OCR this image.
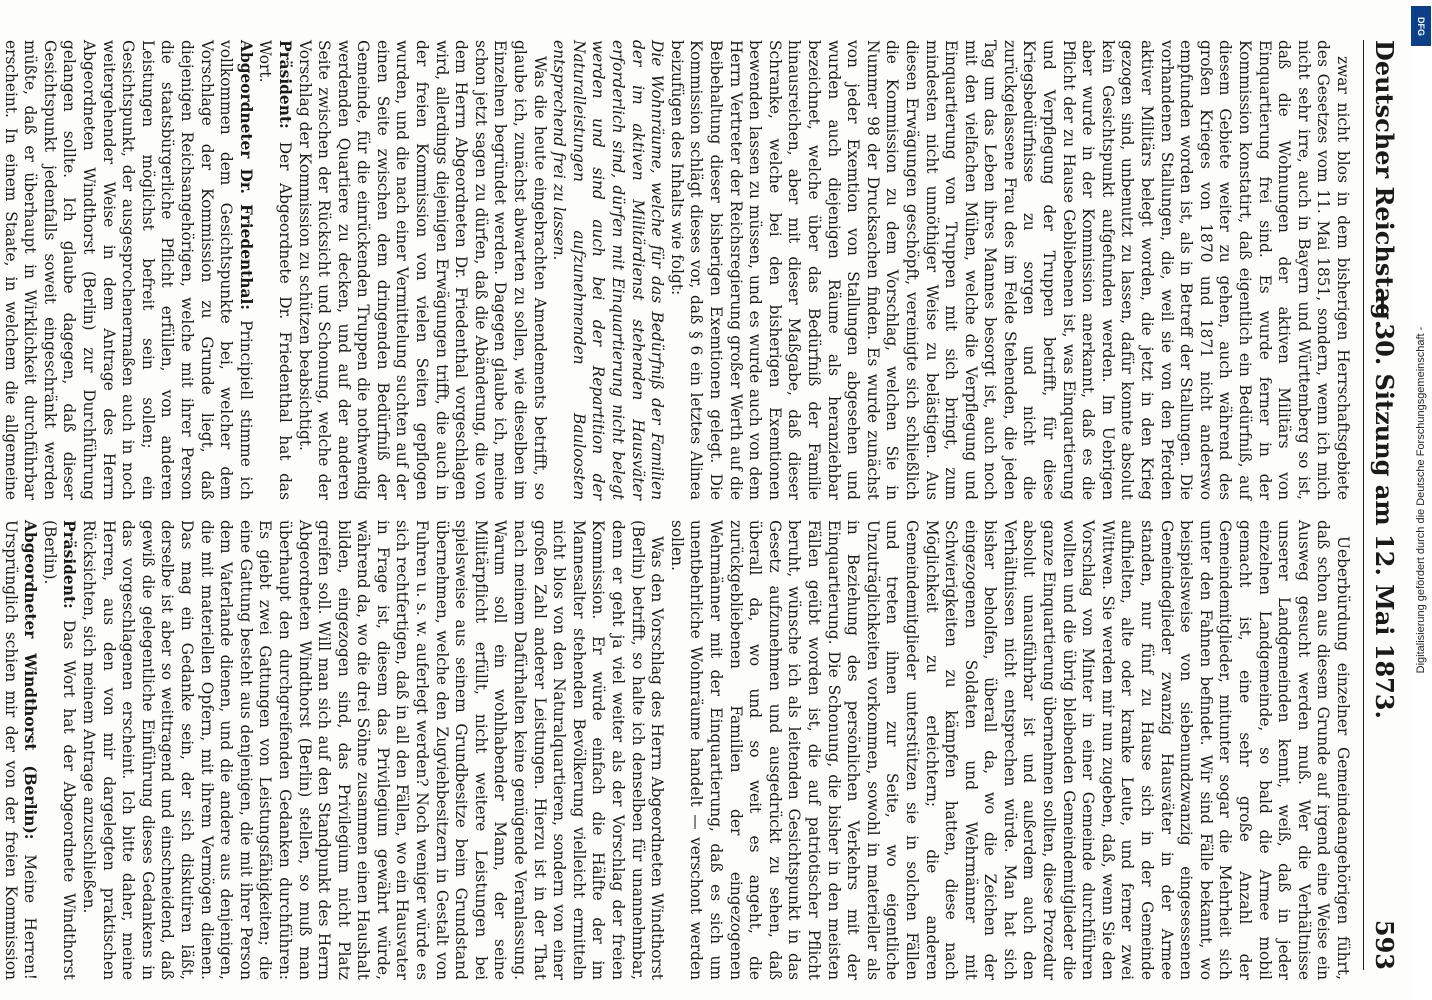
Deutscher Reichstag.
— 30. Sitzung am 12. Mai 1873.
593

zwar nicht blos in dem bisherigen Herrschaftsgebiete des Gesetzes vom 11. Mai 1851, sondern, wenn ich mich nicht sehr irre, auch in Bayern und Württemberg so ist, daß die Wohnungen der aktiven Militärs von Einquartierung frei sind. Es wurde ferner in der Kommission konstatirt, daß eigentlich ein Bedürfniß, auf diesem Gebiete weiter zu gehen, auch während des großen Krieges von 1870 und 1871 nicht anderswo empfunden worden ist, als in Betreff der Stallungen. Die vorhandenen Stallungen, die, weil sie von den Pferden aktiver Militärs belegt worden, die jetzt in den Krieg gezogen sind, unbenutzt zu lassen, dafür konnte absolut kein Gesichtspunkt aufgefunden werden. Im Uebrigen aber wurde in der Kommission anerkannt, daß es die Pflicht der zu Hause Gebliebenen ist, was Einquartierung und Verpflegung der Truppen betrifft, für diese Kriegsbedürfnisse zu sorgen und nicht die zurückgelassene Frau des im Felde Stehenden, die jeden Tag um das Leben ihres Mannes besorgt ist, auch noch mit den vielfachen Mühen, welche die Verpflegung und Einquartierung von Truppen mit sich bringt, zum mindesten nicht unnöthiger Weise zu belästigen. Aus diesen Erwägungen geschöpft, vereinigte sich schließlich die Kommission zu dem Vorschlag, welchen Sie in Nummer 98 der Drucksachen finden. Es wurde zunächst von jeder Exemtion von Stallungen abgesehen und wurden auch diejenigen Räume als heranziehbar bezeichnet, welche über das Bedürfniß der Familie hinausreichen, aber mit dieser Maßgabe, daß dieser Schranke, welche bei den bisherigen Exemtionen bewenden lassen zu müssen, und es wurde auch von dem Herrn Vertreter der Reichsregierung großer Werth auf die Beibehaltung dieser bisherigen Exemtionen gelegt. Die Kommission schlägt dieses vor, daß § 6 ein letztes Alinea beizufügen des Inhalts wie folgt:

Die Wohnräume, welche für das Bedürfniß der Familien der im aktiven Militärdienst stehenden Hausväter erforderlich sind, dürfen mit Einquartierung nicht belegt werden und sind auch bei der Repartition der Naturalleistungen aufzunehmenden Bauloosten entsprechend frei zu lassen.

Was die heute eingebrachten Amendements betrifft, so glaube ich, zunächst abwarten zu sollen, wie dieselben im Einzelnen begründet werden. Dagegen glaube ich, meine schon jetzt sagen zu dürfen, daß die Abänderung, die von dem Herrn Abgeordneten Dr. Friedenthal vorgeschlagen wird, allerdings diejenigen Erwägungen trifft, die auch in der freien Kommission von vielen Seiten gepflogen wurden, und die nach einer Vermittelung suchten auf der einen Seite zwischen dem dringenden Bedürfniß der Gemeinde, für die einrückenden Truppen die nothwendig werdenden Quartiere zu decken, und auf der anderen Seite zwischen der Rücksicht und Schonung, welche der Vorschlag der Kommission zu schützen beabsichtigt.

Präsident: Der Abgeordnete Dr. Friedenthal hat das Wort.

Abgeordneter Dr. Friedenthal: Principiell stimme ich vollkommen dem Gesichtspunkte bei, welcher dem Vorschlage der Kommission zu Grunde liegt, daß diejenigen Reichsangehörigen, welche mit ihrer Person die staatsbürgerliche Pflicht erfüllen, von anderen Leistungen möglichst befreit sein sollen; ein Gesichtspunkt, der ausgesprochenermaßen auch in noch weitergehender Weise in dem Antrage des Herrn Abgeordneten Windthorst (Berlin) zur Durchführung gelangen sollte. Ich glaube dagegen, daß dieser Gesichtspunkt jedenfalls soweit eingeschränkt werden müßte, daß er überhaupt in Wirklichkeit durchführbar erscheint. In einem Staate, in welchem die allgemeine

Ueberbürdung einzelner Gemeindeangehörigen führt, daß schon aus diesem Grunde auf irgend eine Weise ein Ausweg gesucht werden muß. Wer die Verhältnisse unserer Landgemeinden kennt, weiß, daß in jeder einzelnen Landgemeinde, so bald die Armee mobil gemacht ist, eine sehr große Anzahl der Gemeindemitglieder, mitunter sogar die Mehrheit sich unter den Fahnen befindet. Wir sind Fälle bekannt, wo beispielsweise von siebenundzwanzig eingesessenen Gemeindeglieder zwanzig Hausväter in der Armee standen, nur fünf zu Hause sich in der Gemeinde aufhielten, alte oder kranke Leute, und ferner zwei Wittwen. Sie werden mir nun zugeben, daß, wenn Sie den Vorschlag von Minter in einer Gemeinde durchführen wollten und die übrig bleibenden Gemeindemitglieder die ganze Einquartierung übernehmen sollten, diese Prozedur absolut unausführbar ist und außerdem auch den Verhältnissen nicht entsprechen würde. Man hat sich bisher beholfen, überall da, wo die Zeichen der eingezogenen Soldaten und Wehrmänner mit Schwierigkeiten zu kämpfen hatten, diese nach Möglichkeit zu erleichtern; die anderen Gemeindemitglieder unterstützen sie in solchen Fällen und treten ihnen zur Seite, wo eigentliche Unzuträglichkeiten vorkommen, sowohl in materieller als in Beziehung des persönlichen Verkehrs mit der Einquartierung. Die Schonung, die bisher in den meisten Fällen geübt worden ist, die auf patriotischer Pflicht beruht, wünsche ich als leitenden Gesichtspunkt in das Gesetz aufzunehmen und ausgedrückt zu sehen, daß überall da, wo und so weit es angeht, die zurückgebliebenen Familien der eingezogenen Wehrmänner mit der Einquartierung, daß es sich um unentbehrliche Wohnräume handelt — verschont werden sollen.

Was den Vorschlag des Herrn Abgeordneten Windthorst (Berlin) betrifft, so halte ich denselben für unannehmbar, denn er geht ja viel weiter als der Vorschlag der freien Kommission. Er würde einfach die Hälfte der im Mannesalter stehenden Bevölkerung vielleicht ermitteln nicht blos von den Naturalquartieren, sondern von einer großen Zahl anderer Leistungen. Hierzu ist in der That nach meinem Dafürhalten keine genügende Veranlassung. Warum soll ein wohlhabender Mann, der seine Militärpflicht erfüllt, nicht weitere Leistungen bei spielsweise aus seinem Grundbesitze beim Grundstand übernehmen, welche den Zugviehbesitzern in Gestalt von Fuhren u. s. w. auferlegt werden? Noch weniger würde es sich rechtfertigen, daß in all den Fällen, wo ein Hausvater in Frage ist, diesem das Privilegium gewährt würde, während da, wo die drei Söhne zusammen einen Haushalt bilden, eingezogen sind, das Privilegium nicht Platz greifen soll. Will man sich auf den Standpunkt des Herrn Abgeordneten Windthorst (Berlin) stellen, so muß man überhaupt den durchgreifenden Gedanken durchführen: Es giebt zwei Gattungen von Leistungsfähigkeiten; die eine Gattung besteht aus denjenigen, die mit ihrer Person dem Vaterlande dienen, und die andere aus denjenigen, die mit materiellen Opfern, mit ihrem Vermögen dienen. Das mag ein Gedanke sein, der sich diskutiren läßt, derselbe ist aber so weittragend und einschneidend, daß gewiß die gelegentliche Einführung dieses Gedankens in das vorgeschlagenen erscheint. Ich bitte daher, meine Herren, aus den von mir dargelegten praktischen Rücksichten, sich meinem Antrage anzuschließen.

Präsident: Das Wort hat der Abgeordnete Windthorst (Berlin).

Abgeordneter Windthorst (Berlin): Meine Herren! Ursprünglich schien mir der von der freien Kommission

DFG
Digitalisierung gefördert durch die Deutsche Forschungsgemeinschaft -
